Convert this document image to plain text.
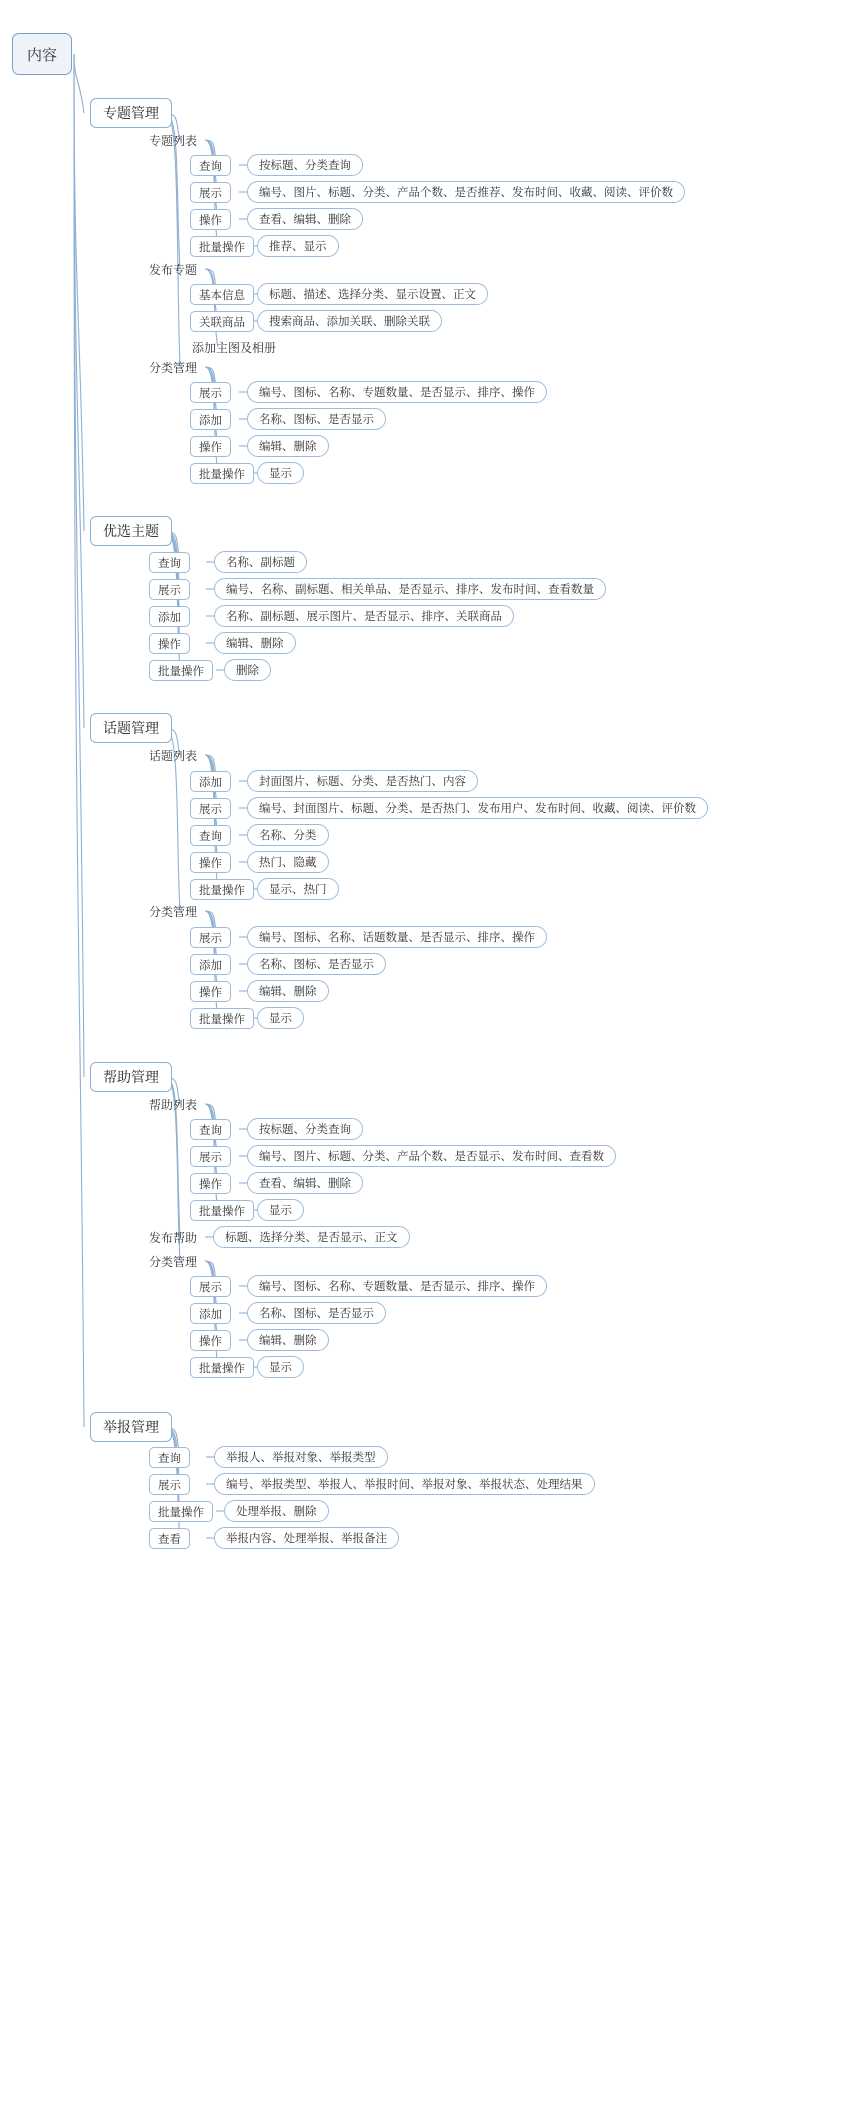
内容
专题管理
专题列表
查询	按标题、分类查询
展示	编号、图片、标题、分类、产品个数、是否推荐、发布时间、收藏、阅读、评价数
操作	查看、编辑、删除
批量操作	推荐、显示
发布专题
基本信息	标题、描述、选择分类、显示设置、正文
关联商品	搜索商品、添加关联、删除关联
添加主图及相册
分类管理
展示	编号、图标、名称、专题数量、是否显示、排序、操作
添加	名称、图标、是否显示
操作	编辑、删除
批量操作	显示
优选主题
查询	名称、副标题
展示	编号、名称、副标题、相关单品、是否显示、排序、发布时间、查看数量
添加	名称、副标题、展示图片、是否显示、排序、关联商品
操作	编辑、删除
批量操作	删除
话题管理
话题列表
添加	封面图片、标题、分类、是否热门、内容
展示	编号、封面图片、标题、分类、是否热门、发布用户、发布时间、收藏、阅读、评价数
查询	名称、分类
操作	热门、隐藏
批量操作	显示、热门
分类管理
展示	编号、图标、名称、话题数量、是否显示、排序、操作
添加	名称、图标、是否显示
操作	编辑、删除
批量操作	显示
帮助管理
帮助列表
查询	按标题、分类查询
展示	编号、图片、标题、分类、产品个数、是否显示、发布时间、查看数
操作	查看、编辑、删除
批量操作	显示
发布帮助	标题、选择分类、是否显示、正文
分类管理
展示	编号、图标、名称、专题数量、是否显示、排序、操作
添加	名称、图标、是否显示
操作	编辑、删除
批量操作	显示
举报管理
查询	举报人、举报对象、举报类型
展示	编号、举报类型、举报人、举报时间、举报对象、举报状态、处理结果
批量操作	处理举报、删除
查看	举报内容、处理举报、举报备注
